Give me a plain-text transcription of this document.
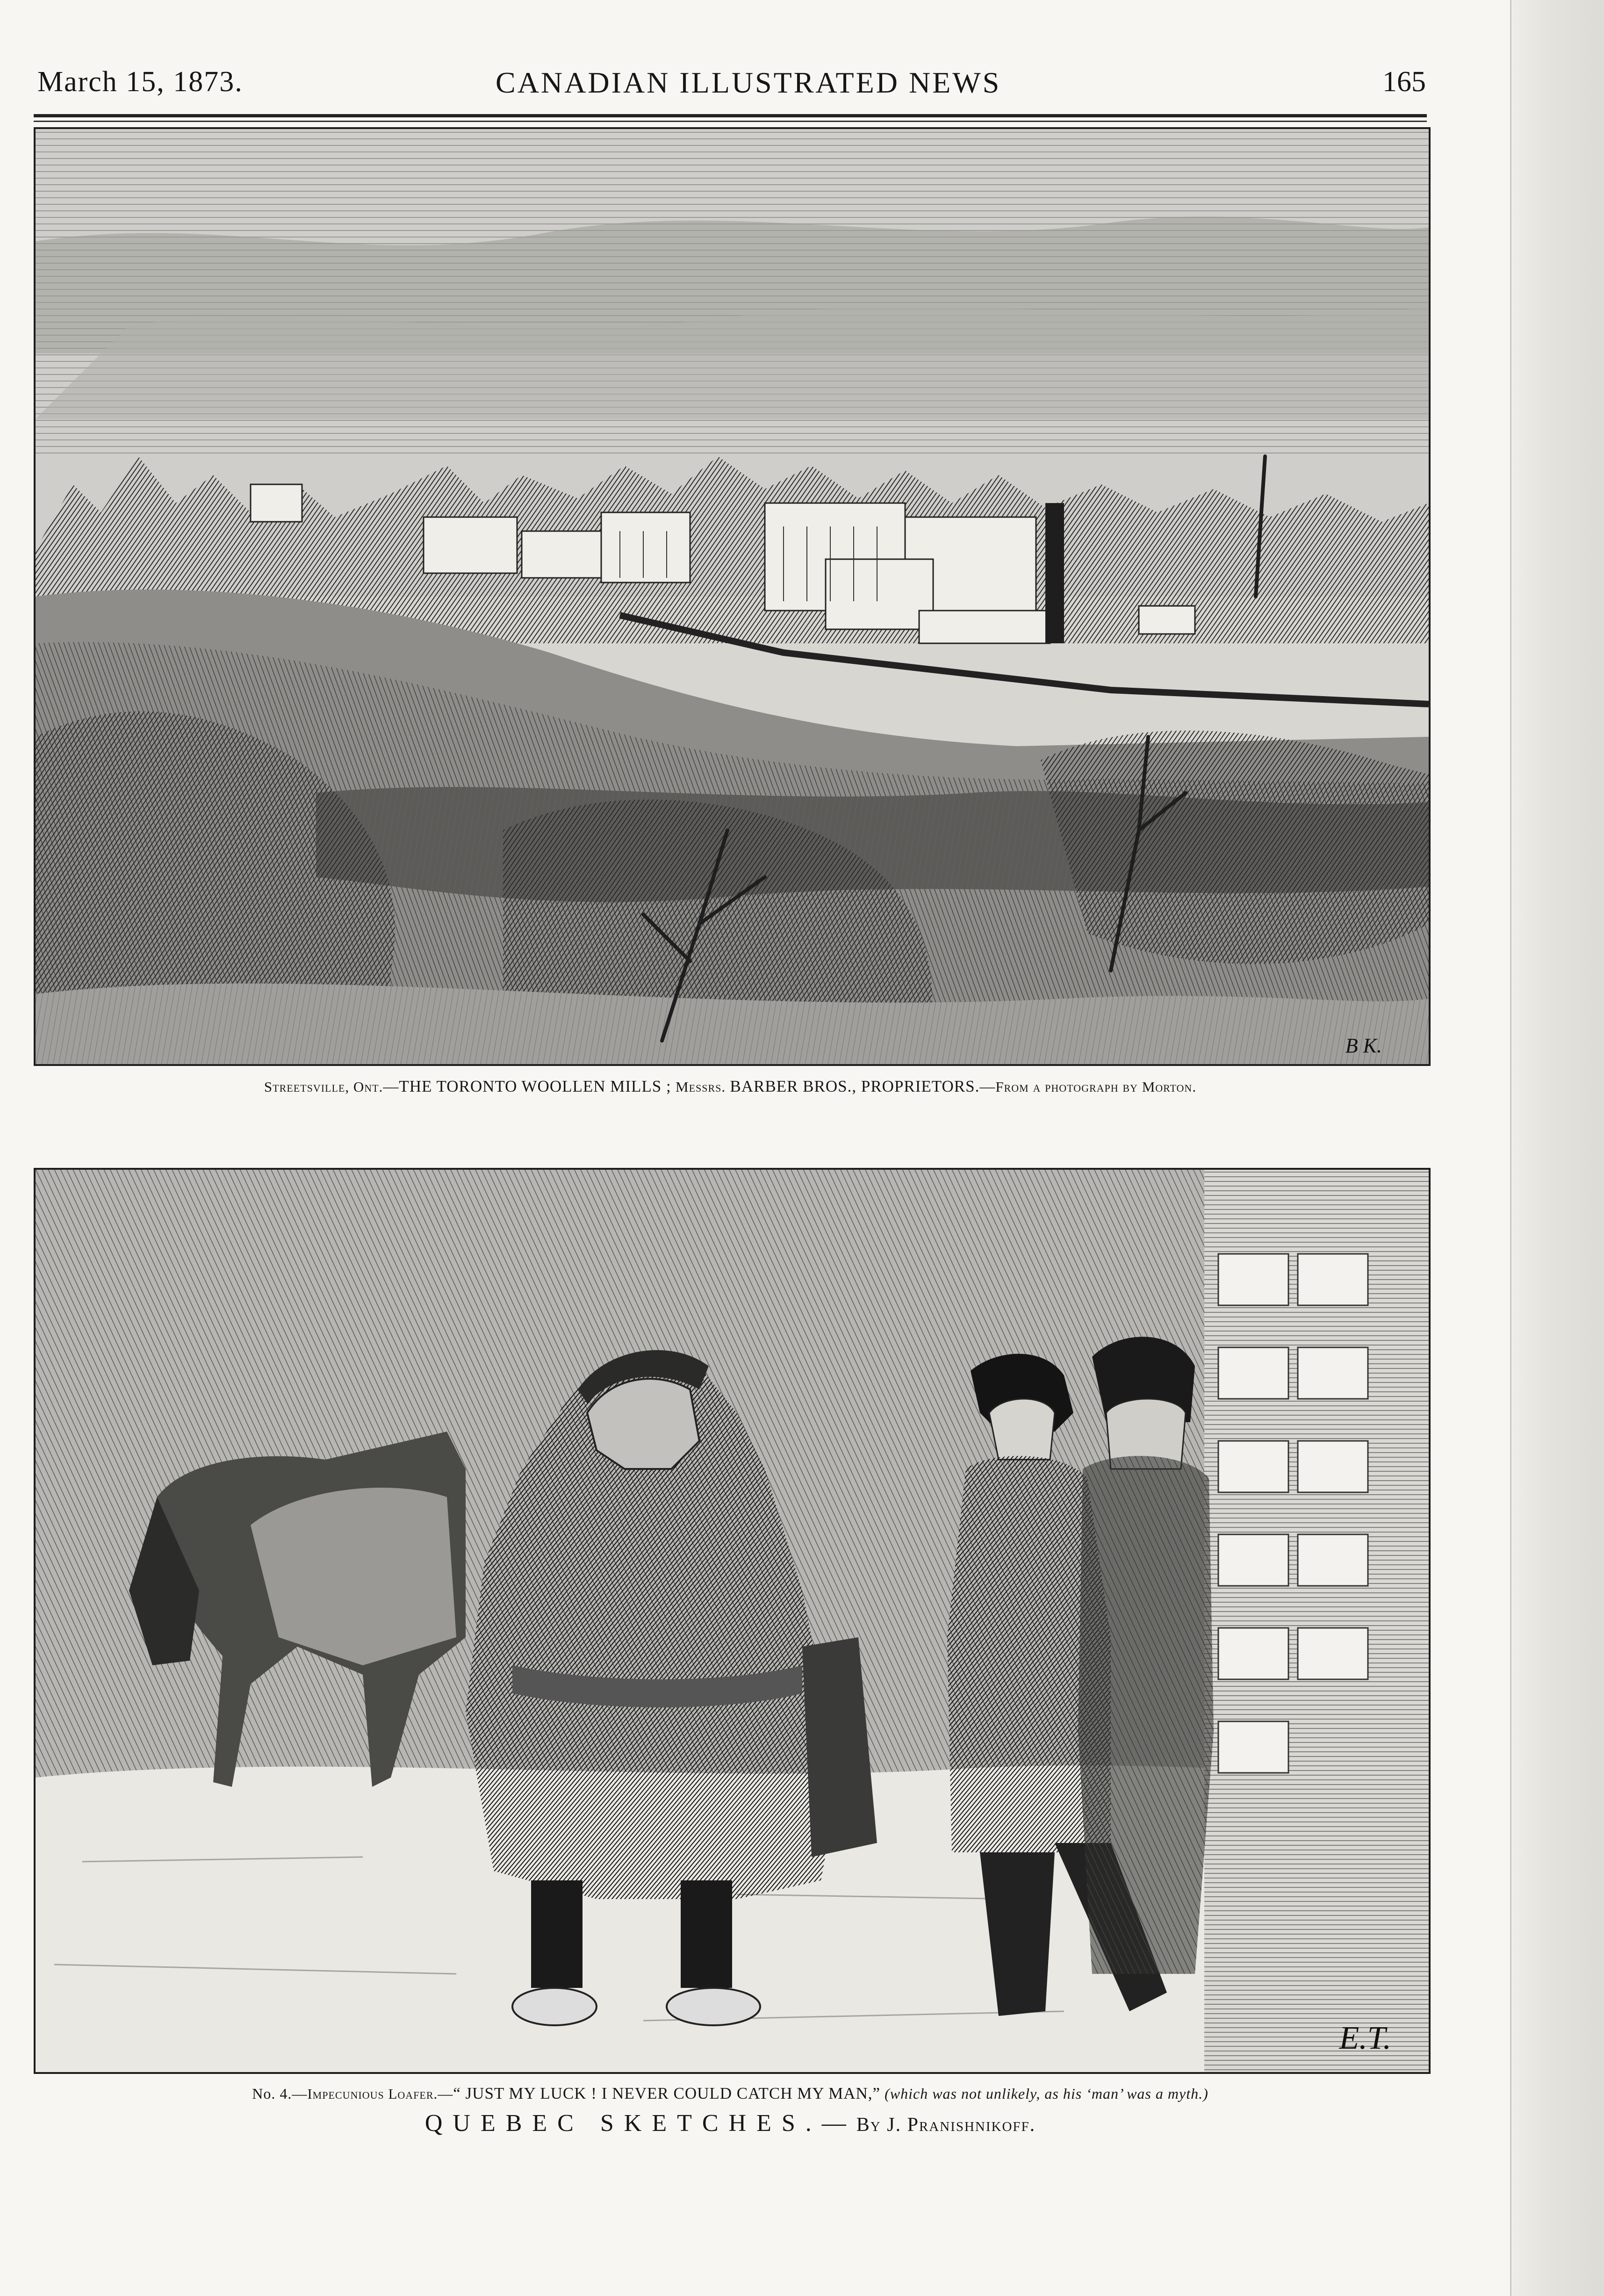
March 15, 1873.	CANADIAN ILLUSTRATED NEWS	165
B K.
Streetsville, Ont.—THE TORONTO WOOLLEN MILLS ; Messrs. BARBER BROS., PROPRIETORS.—From a photograph by Morton.
E.T.
No. 4.—Impecunious Loafer.—“ JUST MY LUCK ! I NEVER COULD CATCH MY MAN,” (which was not unlikely, as his ‘man’ was a myth.)
QUEBEC SKETCHES.—By J. Pranishnikoff.
